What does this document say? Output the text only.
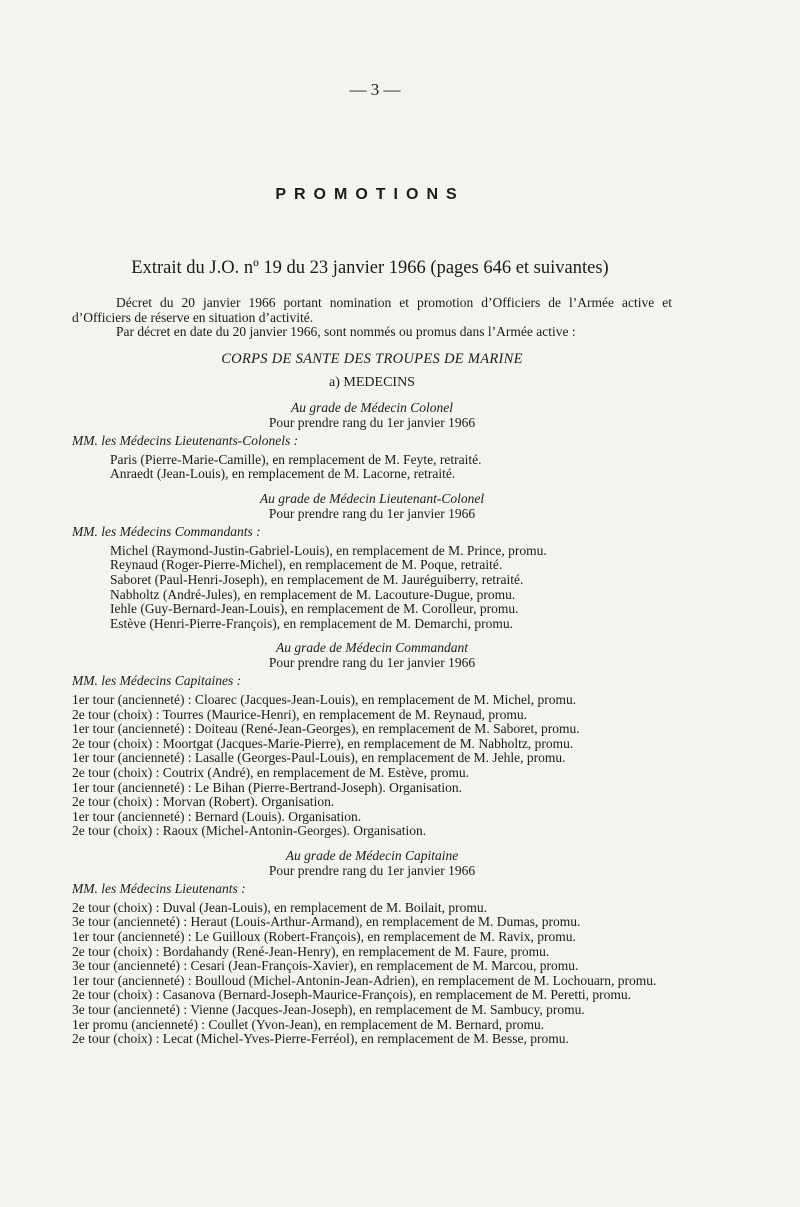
— 3 —
PROMOTIONS
Extrait du J.O. nº 19 du 23 janvier 1966 (pages 646 et suivantes)
Décret du 20 janvier 1966 portant nomination et promotion d’Officiers de l’Armée active et d’Officiers de réserve en situation d’activité.
Par décret en date du 20 janvier 1966, sont nommés ou promus dans l’Armée active :
CORPS DE SANTE DES TROUPES DE MARINE
a) MEDECINS
Au grade de Médecin Colonel
Pour prendre rang du 1er janvier 1966
MM. les Médecins Lieutenants-Colonels :
Paris (Pierre-Marie-Camille), en remplacement de M. Feyte, retraité.
Anraedt (Jean-Louis), en remplacement de M. Lacorne, retraité.
Au grade de Médecin Lieutenant-Colonel
Pour prendre rang du 1er janvier 1966
MM. les Médecins Commandants :
Michel (Raymond-Justin-Gabriel-Louis), en remplacement de M. Prince, promu.
Reynaud (Roger-Pierre-Michel), en remplacement de M. Poque, retraité.
Saboret (Paul-Henri-Joseph), en remplacement de M. Jauréguiberry, retraité.
Nabholtz (André-Jules), en remplacement de M. Lacouture-Dugue, promu.
Iehle (Guy-Bernard-Jean-Louis), en remplacement de M. Corolleur, promu.
Estève (Henri-Pierre-François), en remplacement de M. Demarchi, promu.
Au grade de Médecin Commandant
Pour prendre rang du 1er janvier 1966
MM. les Médecins Capitaines :
1er tour (ancienneté) : Cloarec (Jacques-Jean-Louis), en remplacement de M. Michel, promu.
2e tour (choix) : Tourres (Maurice-Henri), en remplacement de M. Reynaud, promu.
1er tour (ancienneté) : Doiteau (René-Jean-Georges), en remplacement de M. Saboret, promu.
2e tour (choix) : Moortgat (Jacques-Marie-Pierre), en remplacement de M. Nabholtz, promu.
1er tour (ancienneté) : Lasalle (Georges-Paul-Louis), en remplacement de M. Jehle, promu.
2e tour (choix) : Coutrix (André), en remplacement de M. Estève, promu.
1er tour (ancienneté) : Le Bihan (Pierre-Bertrand-Joseph). Organisation.
2e tour (choix) : Morvan (Robert). Organisation.
1er tour (ancienneté) : Bernard (Louis). Organisation.
2e tour (choix) : Raoux (Michel-Antonin-Georges). Organisation.
Au grade de Médecin Capitaine
Pour prendre rang du 1er janvier 1966
MM. les Médecins Lieutenants :
2e tour (choix) : Duval (Jean-Louis), en remplacement de M. Boilait, promu.
3e tour (ancienneté) : Heraut (Louis-Arthur-Armand), en remplacement de M. Dumas, promu.
1er tour (ancienneté) : Le Guilloux (Robert-François), en remplacement de M. Ravix, promu.
2e tour (choix) : Bordahandy (René-Jean-Henry), en remplacement de M. Faure, promu.
3e tour (ancienneté) : Cesari (Jean-François-Xavier), en remplacement de M. Marcou, promu.
1er tour (ancienneté) : Boulloud (Michel-Antonin-Jean-Adrien), en remplacement de M. Lochouarn, promu.
2e tour (choix) : Casanova (Bernard-Joseph-Maurice-François), en remplacement de M. Peretti, promu.
3e tour (ancienneté) : Vienne (Jacques-Jean-Joseph), en remplacement de M. Sambucy, promu.
1er promu (ancienneté) : Coullet (Yvon-Jean), en remplacement de M. Bernard, promu.
2e tour (choix) : Lecat (Michel-Yves-Pierre-Ferréol), en remplacement de M. Besse, promu.
